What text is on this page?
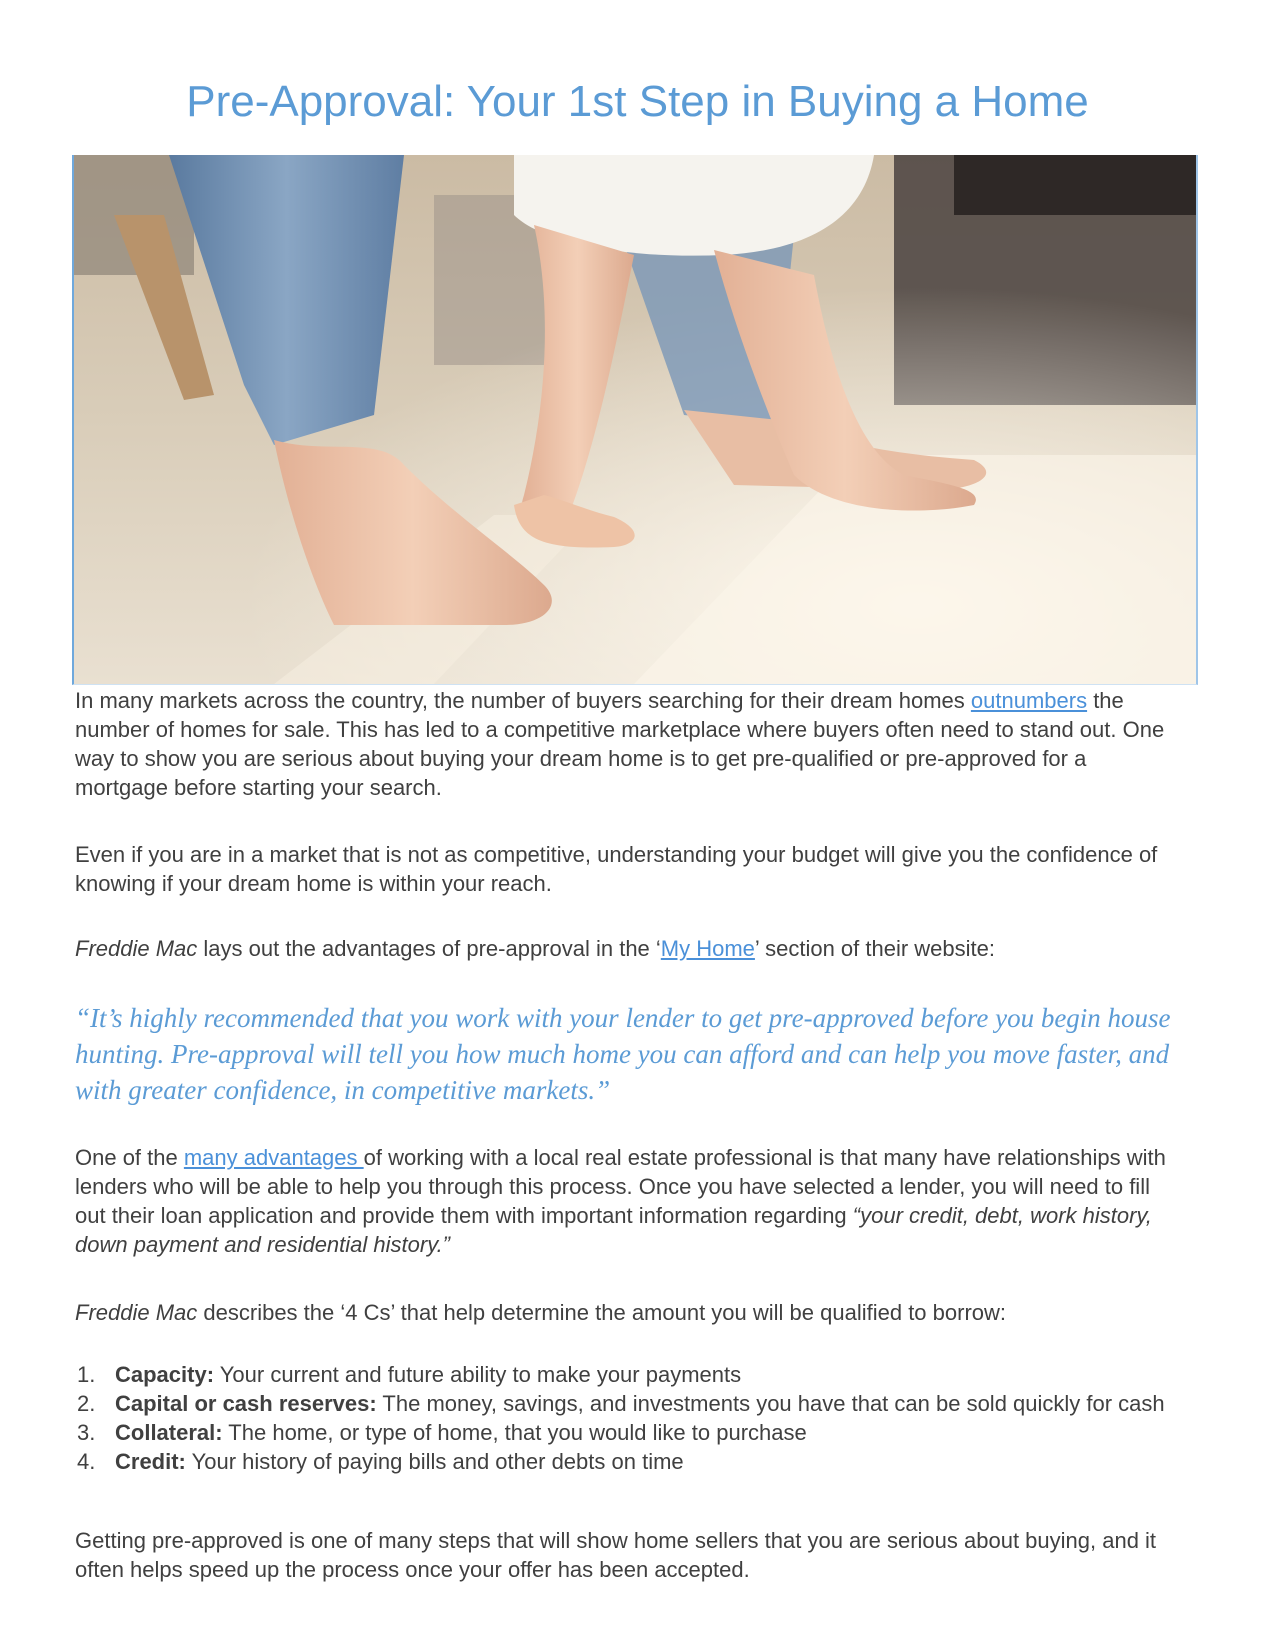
Pre-Approval: Your 1st Step in Buying a Home

In many markets across the country, the number of buyers searching for their dream homes outnumbers the number of homes for sale. This has led to a competitive marketplace where buyers often need to stand out. One way to show you are serious about buying your dream home is to get pre-qualified or pre-approved for a mortgage before starting your search.

Even if you are in a market that is not as competitive, understanding your budget will give you the confidence of knowing if your dream home is within your reach.

Freddie Mac lays out the advantages of pre-approval in the ‘My Home’ section of their website:

“It’s highly recommended that you work with your lender to get pre-approved before you begin house hunting. Pre-approval will tell you how much home you can afford and can help you move faster, and with greater confidence, in competitive markets.”

One of the many advantages of working with a local real estate professional is that many have relationships with lenders who will be able to help you through this process. Once you have selected a lender, you will need to fill out their loan application and provide them with important information regarding “your credit, debt, work history, down payment and residential history.”

Freddie Mac describes the ‘4 Cs’ that help determine the amount you will be qualified to borrow:

1. Capacity: Your current and future ability to make your payments
2. Capital or cash reserves: The money, savings, and investments you have that can be sold quickly for cash
3. Collateral: The home, or type of home, that you would like to purchase
4. Credit: Your history of paying bills and other debts on time

Getting pre-approved is one of many steps that will show home sellers that you are serious about buying, and it often helps speed up the process once your offer has been accepted.
